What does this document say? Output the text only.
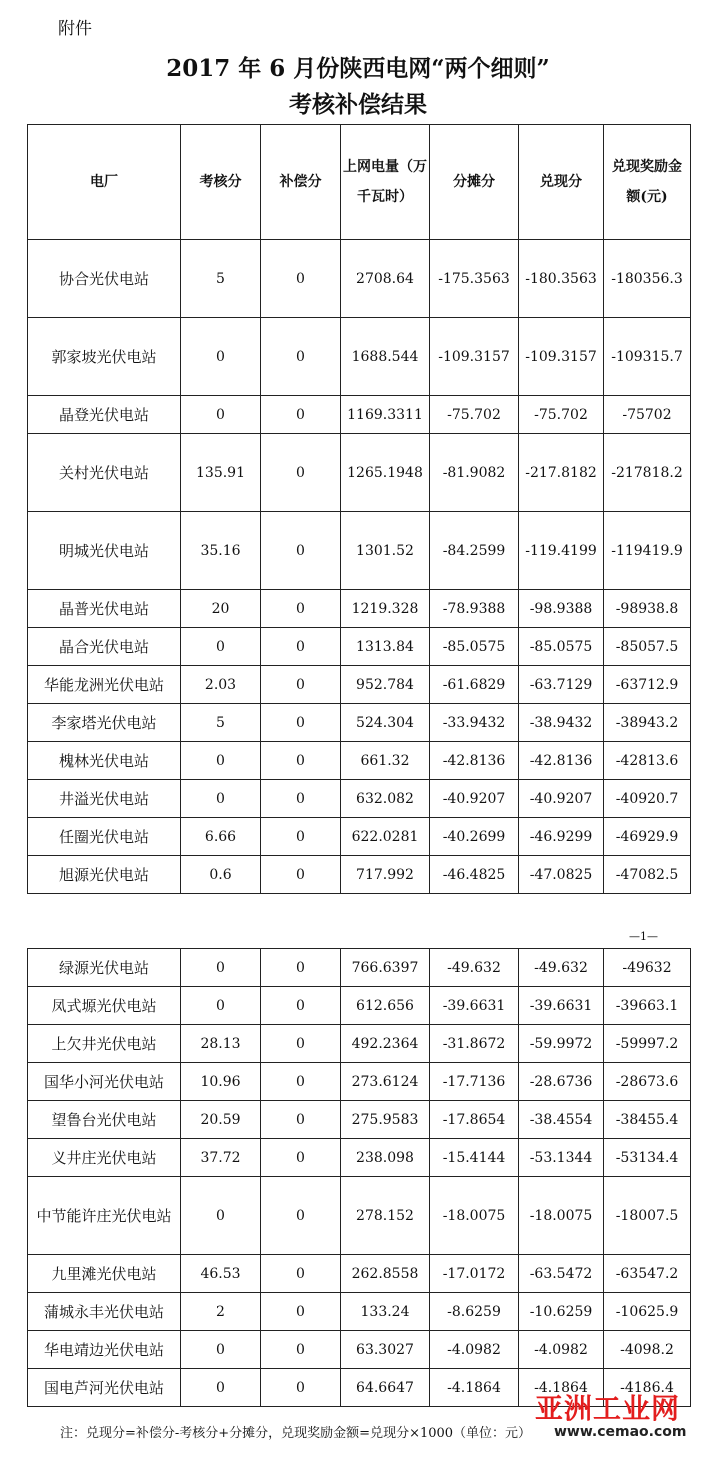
附件
2017 年 6 月份陕西电网“两个细则”
考核补偿结果
电厂	考核分	补偿分	上网电量（万千瓦时）	分摊分	兑现分	兑现奖励金额(元)
协合光伏电站	5	0	2708.64	-175.3563	-180.3563	-180356.3
郭家坡光伏电站	0	0	1688.544	-109.3157	-109.3157	-109315.7
晶登光伏电站	0	0	1169.3311	-75.702	-75.702	-75702
关村光伏电站	135.91	0	1265.1948	-81.9082	-217.8182	-217818.2
明城光伏电站	35.16	0	1301.52	-84.2599	-119.4199	-119419.9
晶普光伏电站	20	0	1219.328	-78.9388	-98.9388	-98938.8
晶合光伏电站	0	0	1313.84	-85.0575	-85.0575	-85057.5
华能龙洲光伏电站	2.03	0	952.784	-61.6829	-63.7129	-63712.9
李家塔光伏电站	5	0	524.304	-33.9432	-38.9432	-38943.2
槐林光伏电站	0	0	661.32	-42.8136	-42.8136	-42813.6
井溢光伏电站	0	0	632.082	-40.9207	-40.9207	-40920.7
任圈光伏电站	6.66	0	622.0281	-40.2699	-46.9299	-46929.9
旭源光伏电站	0.6	0	717.992	-46.4825	-47.0825	-47082.5
—1—
绿源光伏电站	0	0	766.6397	-49.632	-49.632	-49632
凤式塬光伏电站	0	0	612.656	-39.6631	-39.6631	-39663.1
上欠井光伏电站	28.13	0	492.2364	-31.8672	-59.9972	-59997.2
国华小河光伏电站	10.96	0	273.6124	-17.7136	-28.6736	-28673.6
望鲁台光伏电站	20.59	0	275.9583	-17.8654	-38.4554	-38455.4
义井庄光伏电站	37.72	0	238.098	-15.4144	-53.1344	-53134.4
中节能许庄光伏电站	0	0	278.152	-18.0075	-18.0075	-18007.5
九里滩光伏电站	46.53	0	262.8558	-17.0172	-63.5472	-63547.2
蒲城永丰光伏电站	2	0	133.24	-8.6259	-10.6259	-10625.9
华电靖边光伏电站	0	0	63.3027	-4.0982	-4.0982	-4098.2
国电芦河光伏电站	0	0	64.6647	-4.1864	-4.1864	-4186.4
注：兑现分=补偿分-考核分+分摊分，兑现奖励金额=兑现分×1000（单位：元）
亚洲工业网
www.cemao.com
